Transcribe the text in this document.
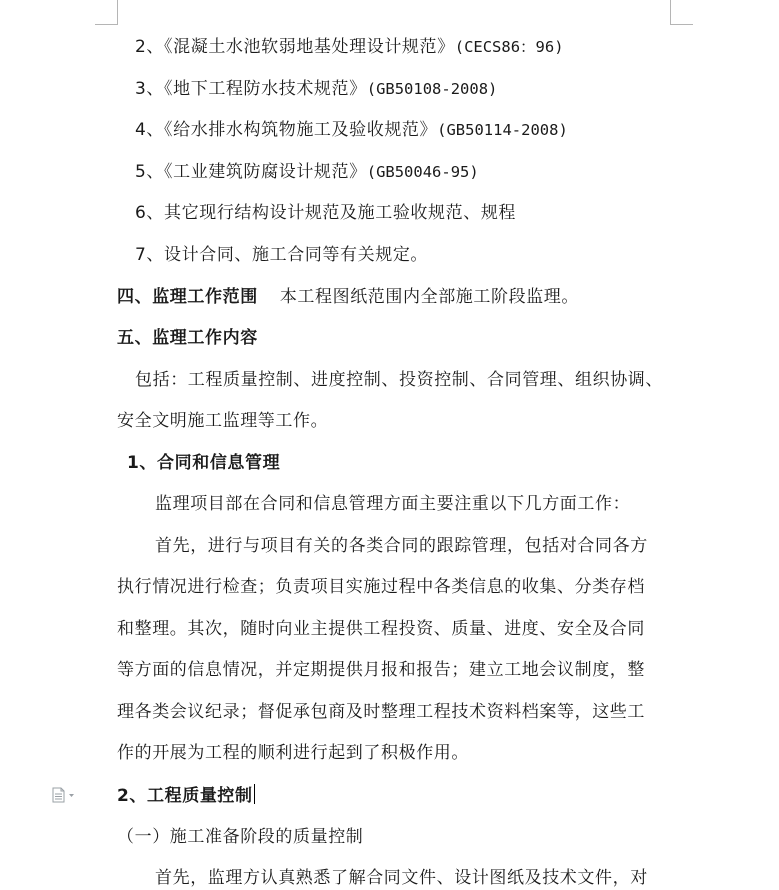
2、《混凝土水池软弱地基处理设计规范》(CECS86：96)
3、《地下工程防水技术规范》(GB50108-2008)
4、《给水排水构筑物施工及验收规范》(GB50114-2008)
5、《工业建筑防腐设计规范》(GB50046-95)
6、其它现行结构设计规范及施工验收规范、规程
7、设计合同、施工合同等有关规定。
四、监理工作范围 本工程图纸范围内全部施工阶段监理。
五、监理工作内容
包括：工程质量控制、进度控制、投资控制、合同管理、组织协调、
安全文明施工监理等工作。
1、合同和信息管理
监理项目部在合同和信息管理方面主要注重以下几方面工作：
首先，进行与项目有关的各类合同的跟踪管理，包括对合同各方
执行情况进行检查；负责项目实施过程中各类信息的收集、分类存档
和整理。其次，随时向业主提供工程投资、质量、进度、安全及合同
等方面的信息情况，并定期提供月报和报告；建立工地会议制度，整
理各类会议纪录；督促承包商及时整理工程技术资料档案等，这些工
作的开展为工程的顺利进行起到了积极作用。
2、工程质量控制
（一）施工准备阶段的质量控制
首先，监理方认真熟悉了解合同文件、设计图纸及技术文件，对
